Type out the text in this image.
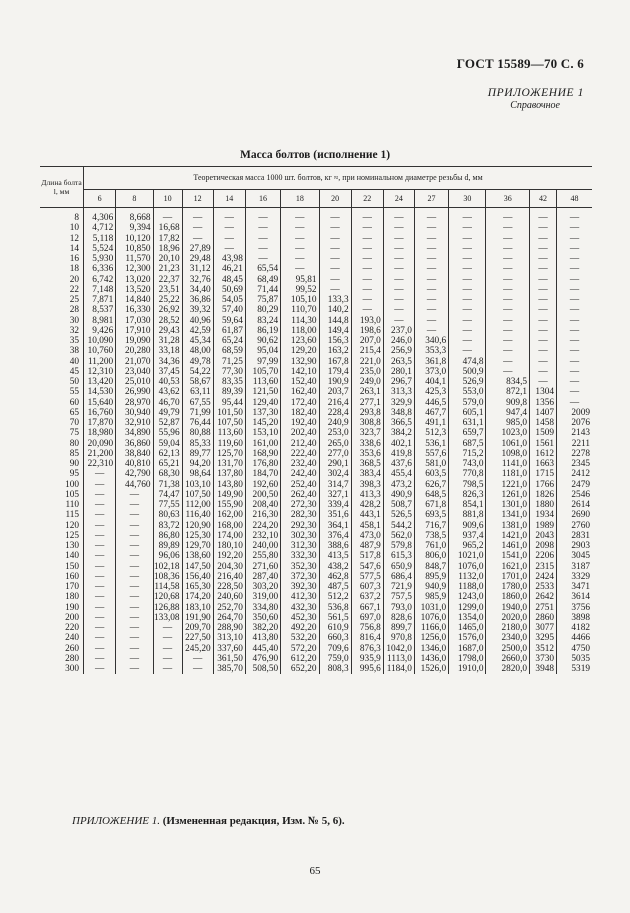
ГОСТ 15589—70 С. 6
ПРИЛОЖЕНИЕ 1
Справочное
Масса болтов (исполнение 1)
Длина болта l, мм	Теоретическая масса 1000 шт. болтов, кг ≈, при номинальном диаметре резьбы d, мм														
	6	8	10	12	14	16	18	20	22	24	27	30	36	42	48
8	4,306	8,668	—	—	—	—	—	—	—	—	—	—	—	—	—
10	4,712	9,394	16,68	—	—	—	—	—	—	—	—	—	—	—	—
12	5,118	10,120	17,82	—	—	—	—	—	—	—	—	—	—	—	—
14	5,524	10,850	18,96	27,89	—	—	—	—	—	—	—	—	—	—	—
16	5,930	11,570	20,10	29,48	43,98	—	—	—	—	—	—	—	—	—	—
18	6,336	12,300	21,23	31,12	46,21	65,54	—	—	—	—	—	—	—	—	—
20	6,742	13,020	22,37	32,76	48,45	68,49	95,81	—	—	—	—	—	—	—	—
22	7,148	13,520	23,51	34,40	50,69	71,44	99,52	—	—	—	—	—	—	—	—
25	7,871	14,840	25,22	36,86	54,05	75,87	105,10	133,3	—	—	—	—	—	—	—
28	8,537	16,330	26,92	39,32	57,40	80,29	110,70	140,2	—	—	—	—	—	—	—
30	8,981	17,030	28,52	40,96	59,64	83,24	114,30	144,8	193,0	—	—	—	—	—	—
32	9,426	17,910	29,43	42,59	61,87	86,19	118,00	149,4	198,6	237,0	—	—	—	—	—
35	10,090	19,090	31,28	45,34	65,24	90,62	123,60	156,3	207,0	246,0	340,6	—	—	—	—
38	10,760	20,280	33,18	48,00	68,59	95,04	129,20	163,2	215,4	256,9	353,3	—	—	—	—
40	11,200	21,070	34,36	49,78	71,25	97,99	132,90	167,8	221,0	263,5	361,8	474,8	—	—	—
45	12,310	23,040	37,45	54,22	77,30	105,70	142,10	179,4	235,0	280,1	373,0	500,9	—	—	—
50	13,420	25,010	40,53	58,67	83,35	113,60	152,40	190,9	249,0	296,7	404,1	526,9	834,5	—	—
55	14,530	26,990	43,62	63,11	89,39	121,50	162,40	203,7	263,1	313,3	425,3	553,0	872,1	1304	—
60	15,640	28,970	46,70	67,55	95,44	129,40	172,40	216,4	277,1	329,9	446,5	579,0	909,8	1356	—
65	16,760	30,940	49,79	71,99	101,50	137,30	182,40	228,4	293,8	348,8	467,7	605,1	947,4	1407	2009
70	17,870	32,910	52,87	76,44	107,50	145,20	192,40	240,9	308,8	366,5	491,1	631,1	985,0	1458	2076
75	18,980	34,890	55,96	80,88	113,60	153,10	202,40	253,0	323,7	384,2	512,3	659,7	1023,0	1509	2143
80	20,090	36,860	59,04	85,33	119,60	161,00	212,40	265,0	338,6	402,1	536,1	687,5	1061,0	1561	2211
85	21,200	38,840	62,13	89,77	125,70	168,90	222,40	277,0	353,6	419,8	557,6	715,2	1098,0	1612	2278
90	22,310	40,810	65,21	94,20	131,70	176,80	232,40	290,1	368,5	437,6	581,0	743,0	1141,0	1663	2345
95	—	42,790	68,30	98,64	137,80	184,70	242,40	302,4	383,4	455,4	603,5	770,8	1181,0	1715	2412
100	—	44,760	71,38	103,10	143,80	192,60	252,40	314,7	398,3	473,2	626,7	798,5	1221,0	1766	2479
105	—	—	74,47	107,50	149,90	200,50	262,40	327,1	413,3	490,9	648,5	826,3	1261,0	1826	2546
110	—	—	77,55	112,00	155,90	208,40	272,30	339,4	428,2	508,7	671,8	854,1	1301,0	1880	2614
115	—	—	80,63	116,40	162,00	216,30	282,30	351,6	443,1	526,5	693,5	881,8	1341,0	1934	2690
120	—	—	83,72	120,90	168,00	224,20	292,30	364,1	458,1	544,2	716,7	909,6	1381,0	1989	2760
125	—	—	86,80	125,30	174,00	232,10	302,30	376,4	473,0	562,0	738,5	937,4	1421,0	2043	2831
130	—	—	89,89	129,70	180,10	240,00	312,30	388,6	487,9	579,8	761,0	965,2	1461,0	2098	2903
140	—	—	96,06	138,60	192,20	255,80	332,30	413,5	517,8	615,3	806,0	1021,0	1541,0	2206	3045
150	—	—	102,18	147,50	204,30	271,60	352,30	438,2	547,6	650,9	848,7	1076,0	1621,0	2315	3187
160	—	—	108,36	156,40	216,40	287,40	372,30	462,8	577,5	686,4	895,9	1132,0	1701,0	2424	3329
170	—	—	114,58	165,30	228,50	303,20	392,30	487,5	607,3	721,9	940,9	1188,0	1780,0	2533	3471
180	—	—	120,68	174,20	240,60	319,00	412,30	512,2	637,2	757,5	985,9	1243,0	1860,0	2642	3614
190	—	—	126,88	183,10	252,70	334,80	432,30	536,8	667,1	793,0	1031,0	1299,0	1940,0	2751	3756
200	—	—	133,08	191,90	264,70	350,60	452,30	561,5	697,0	828,6	1076,0	1354,0	2020,0	2860	3898
220	—	—	—	209,70	288,90	382,20	492,20	610,9	756,8	899,7	1166,0	1465,0	2180,0	3077	4182
240	—	—	—	227,50	313,10	413,80	532,20	660,3	816,4	970,8	1256,0	1576,0	2340,0	3295	4466
260	—	—	—	245,20	337,60	445,40	572,20	709,6	876,3	1042,0	1346,0	1687,0	2500,0	3512	4750
280	—	—	—	—	361,50	476,90	612,20	759,0	935,9	1113,0	1436,0	1798,0	2660,0	3730	5035
300	—	—	—	—	385,70	508,50	652,20	808,3	995,6	1184,0	1526,0	1910,0	2820,0	3948	5319
ПРИЛОЖЕНИЕ 1. (Измененная редакция, Изм. № 5, 6).
65
